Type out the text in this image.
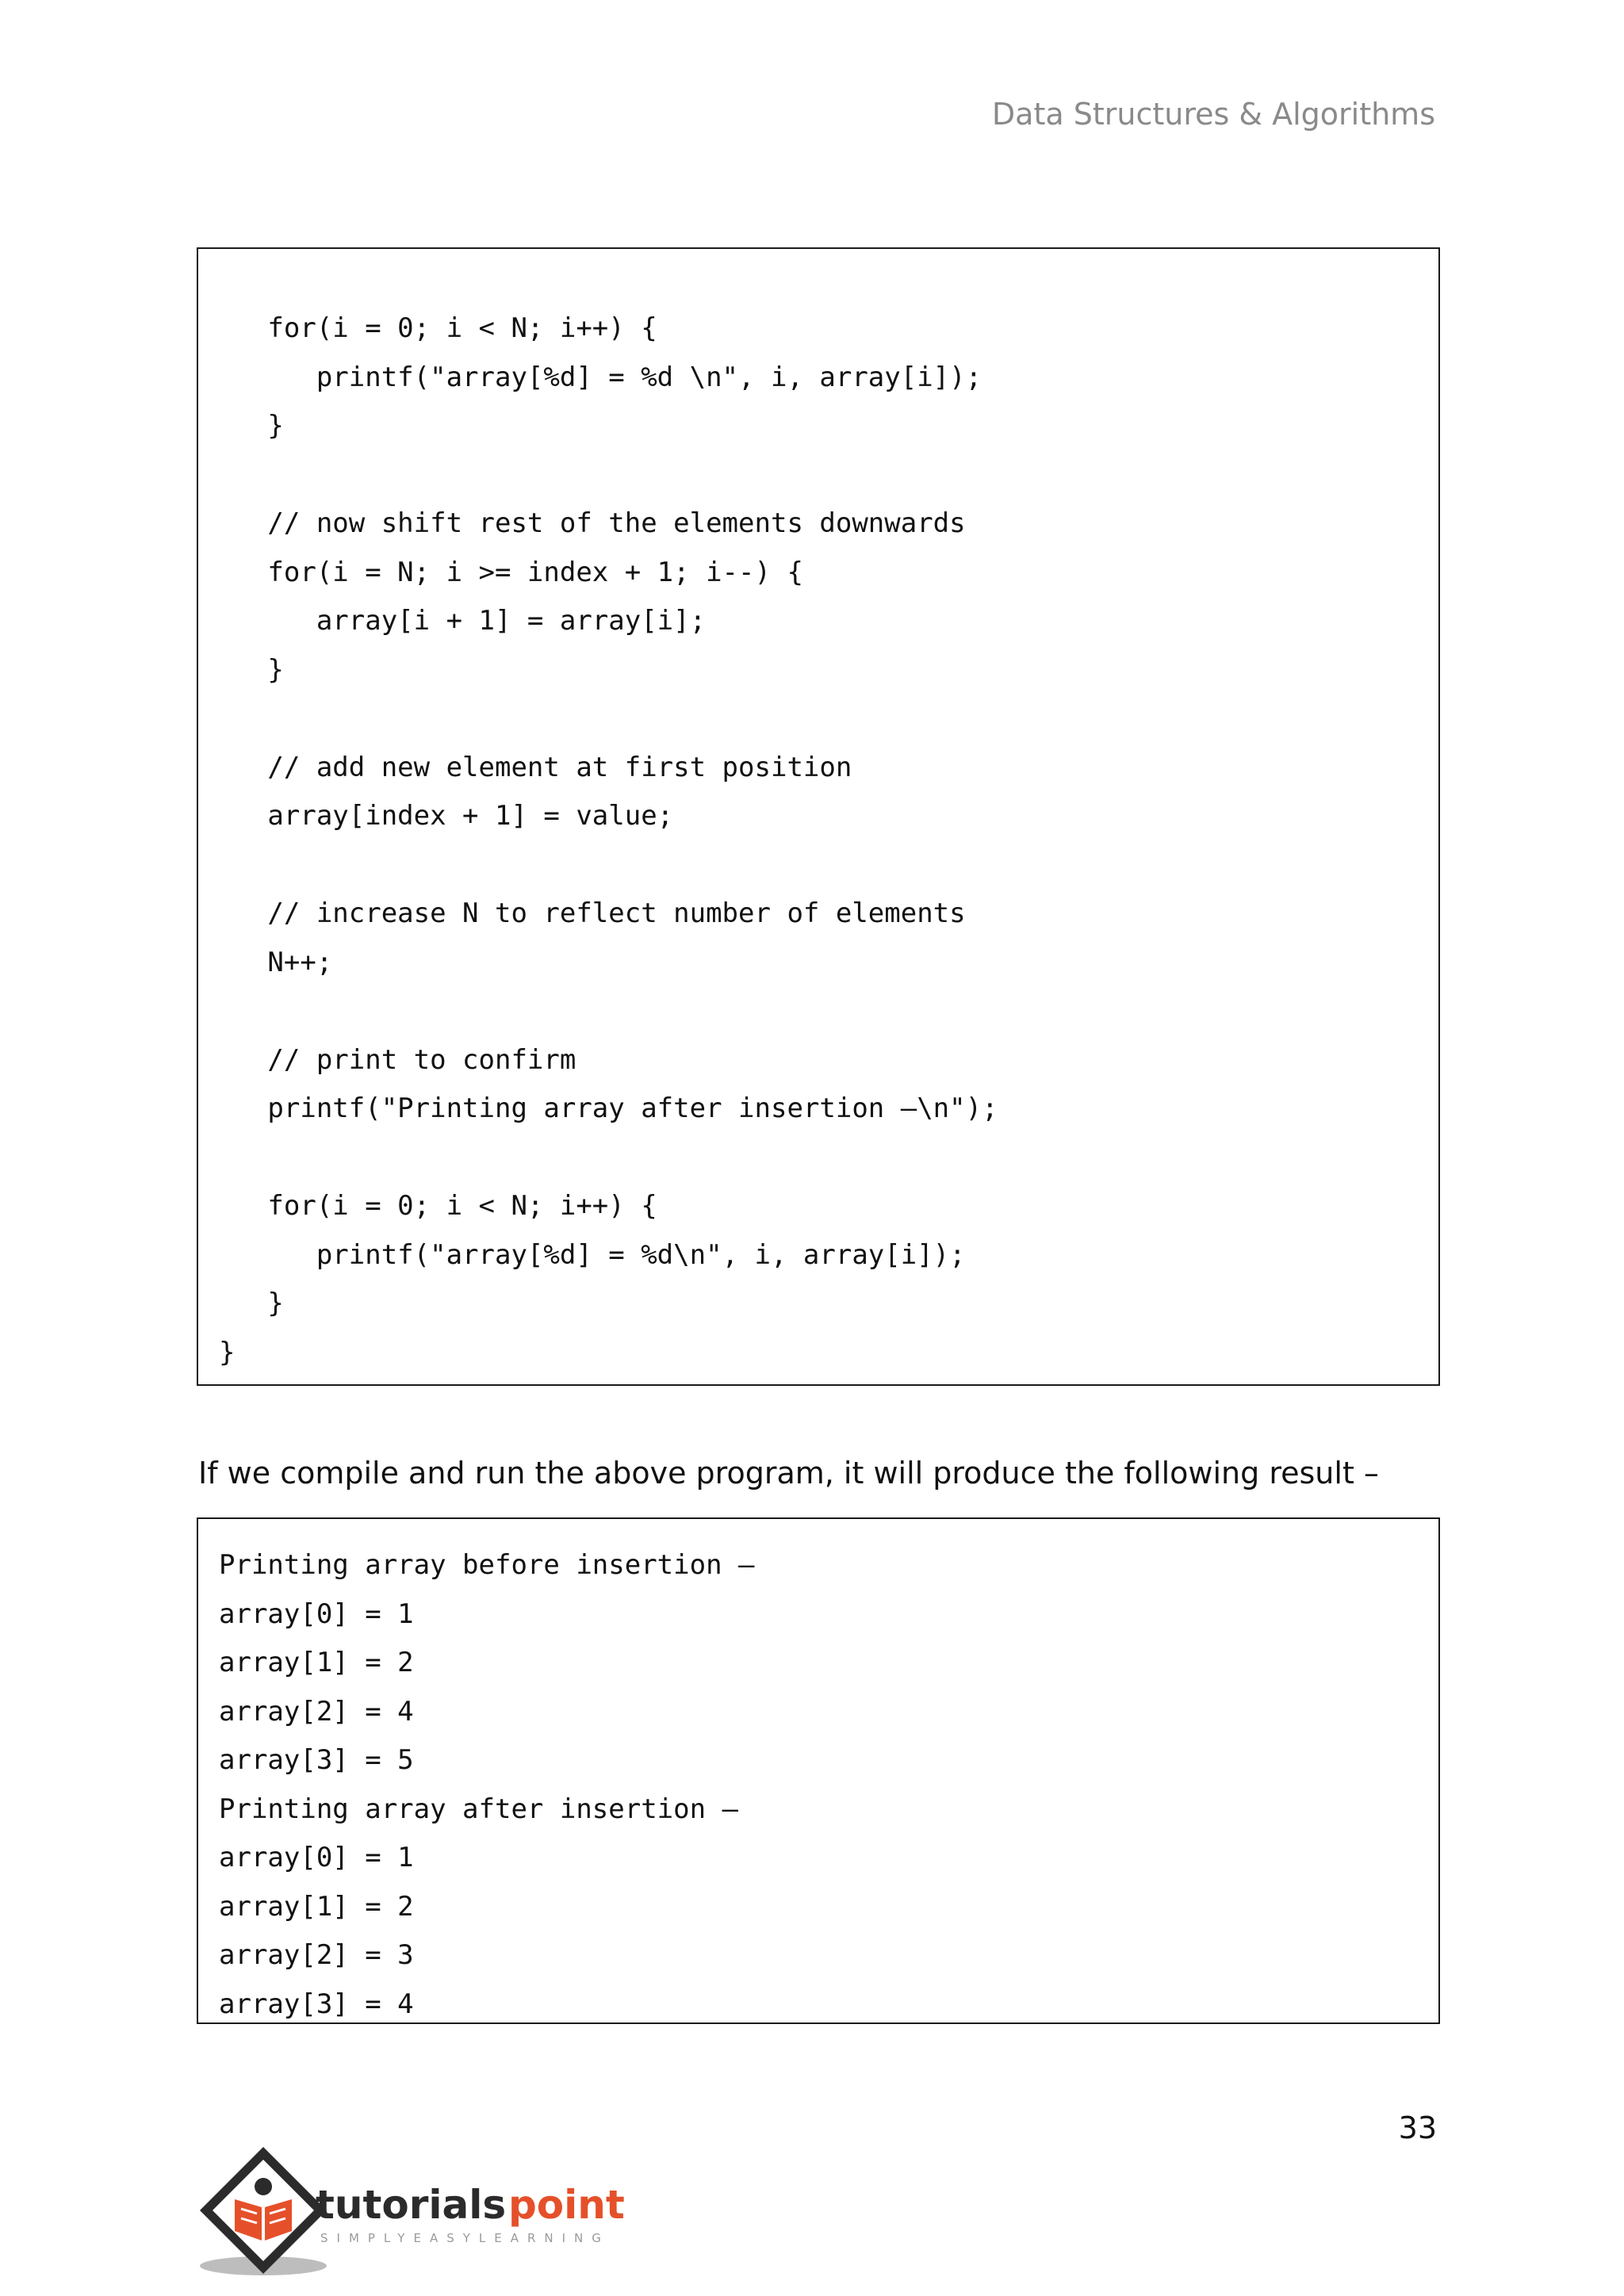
Data Structures & Algorithms
for(i = 0; i < N; i++) {
printf("array[%d] = %d \n", i, array[i]);
}
// now shift rest of the elements downwards
for(i = N; i >= index + 1; i--) {
array[i + 1] = array[i];
}
// add new element at first position
array[index + 1] = value;
// increase N to reflect number of elements
N++;
// print to confirm
printf("Printing array after insertion –\n");
for(i = 0; i < N; i++) {
printf("array[%d] = %d\n", i, array[i]);
}
}
If we compile and run the above program, it will produce the following result –
Printing array before insertion –
array[0] = 1
array[1] = 2
array[2] = 4
array[3] = 5
Printing array after insertion –
array[0] = 1
array[1] = 2
array[2] = 3
array[3] = 4
33
tutorials point
SIMPLYEASYLEARNING
